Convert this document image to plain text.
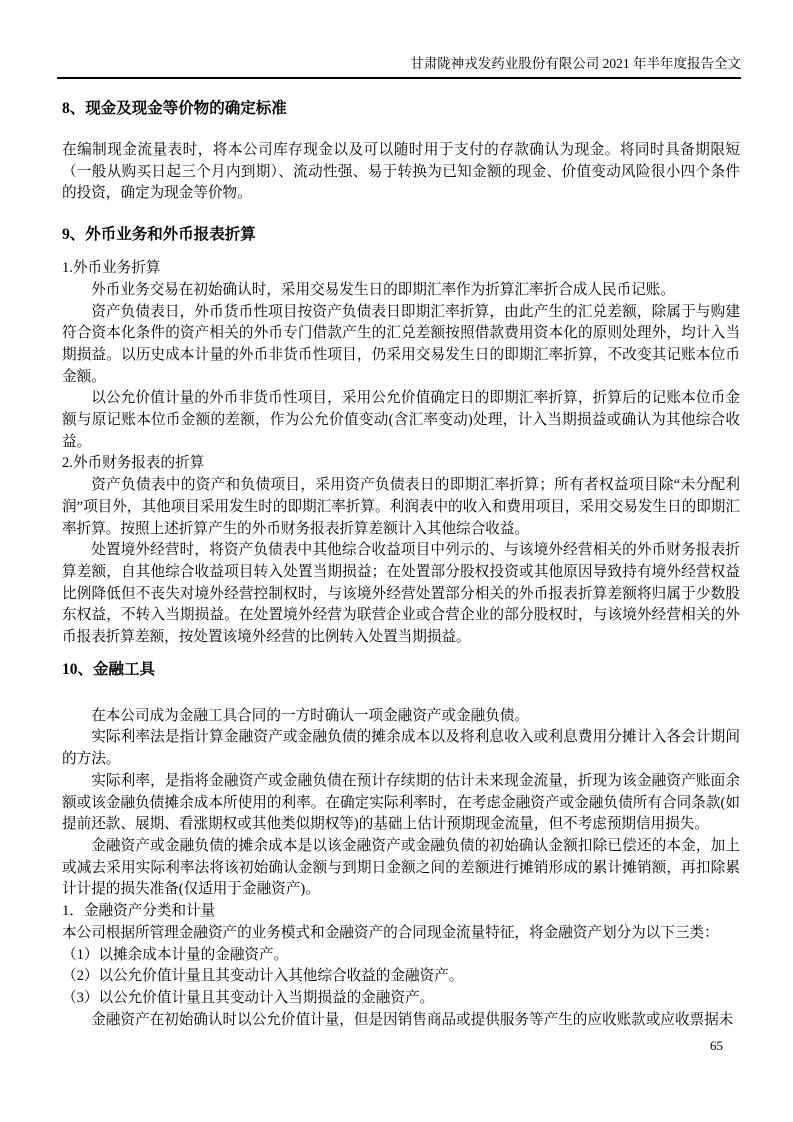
甘肃陇神戎发药业股份有限公司 2021 年半年度报告全文
8、现金及现金等价物的确定标准

在编制现金流量表时，将本公司库存现金以及可以随时用于支付的存款确认为现金。将同时具备期限短（一般从购买日起三个月内到期）、流动性强、易于转换为已知金额的现金、价值变动风险很小四个条件的投资，确定为现金等价物。

9、外币业务和外币报表折算

1.外币业务折算

外币业务交易在初始确认时，采用交易发生日的即期汇率作为折算汇率折合成人民币记账。

资产负债表日，外币货币性项目按资产负债表日即期汇率折算，由此产生的汇兑差额，除属于与购建符合资本化条件的资产相关的外币专门借款产生的汇兑差额按照借款费用资本化的原则处理外，均计入当期损益。以历史成本计量的外币非货币性项目，仍采用交易发生日的即期汇率折算，不改变其记账本位币金额。

以公允价值计量的外币非货币性项目，采用公允价值确定日的即期汇率折算，折算后的记账本位币金额与原记账本位币金额的差额，作为公允价值变动(含汇率变动)处理，计入当期损益或确认为其他综合收益。

2.外币财务报表的折算

资产负债表中的资产和负债项目，采用资产负债表日的即期汇率折算；所有者权益项目除“未分配利润”项目外，其他项目采用发生时的即期汇率折算。利润表中的收入和费用项目，采用交易发生日的即期汇率折算。按照上述折算产生的外币财务报表折算差额计入其他综合收益。

处置境外经营时，将资产负债表中其他综合收益项目中列示的、与该境外经营相关的外币财务报表折算差额，自其他综合收益项目转入处置当期损益；在处置部分股权投资或其他原因导致持有境外经营权益比例降低但不丧失对境外经营控制权时，与该境外经营处置部分相关的外币报表折算差额将归属于少数股东权益，不转入当期损益。在处置境外经营为联营企业或合营企业的部分股权时，与该境外经营相关的外币报表折算差额，按处置该境外经营的比例转入处置当期损益。

10、金融工具

在本公司成为金融工具合同的一方时确认一项金融资产或金融负债。

实际利率法是指计算金融资产或金融负债的摊余成本以及将利息收入或利息费用分摊计入各会计期间的方法。

实际利率，是指将金融资产或金融负债在预计存续期的估计未来现金流量，折现为该金融资产账面余额或该金融负债摊余成本所使用的利率。在确定实际利率时，在考虑金融资产或金融负债所有合同条款(如提前还款、展期、看涨期权或其他类似期权等)的基础上估计预期现金流量，但不考虑预期信用损失。

金融资产或金融负债的摊余成本是以该金融资产或金融负债的初始确认金额扣除已偿还的本金，加上或减去采用实际利率法将该初始确认金额与到期日金额之间的差额进行摊销形成的累计摊销额，再扣除累计计提的损失准备(仅适用于金融资产)。

1．金融资产分类和计量

本公司根据所管理金融资产的业务模式和金融资产的合同现金流量特征，将金融资产划分为以下三类：

（1）以摊余成本计量的金融资产。

（2）以公允价值计量且其变动计入其他综合收益的金融资产。

（3）以公允价值计量且其变动计入当期损益的金融资产。

金融资产在初始确认时以公允价值计量，但是因销售商品或提供服务等产生的应收账款或应收票据未

65
